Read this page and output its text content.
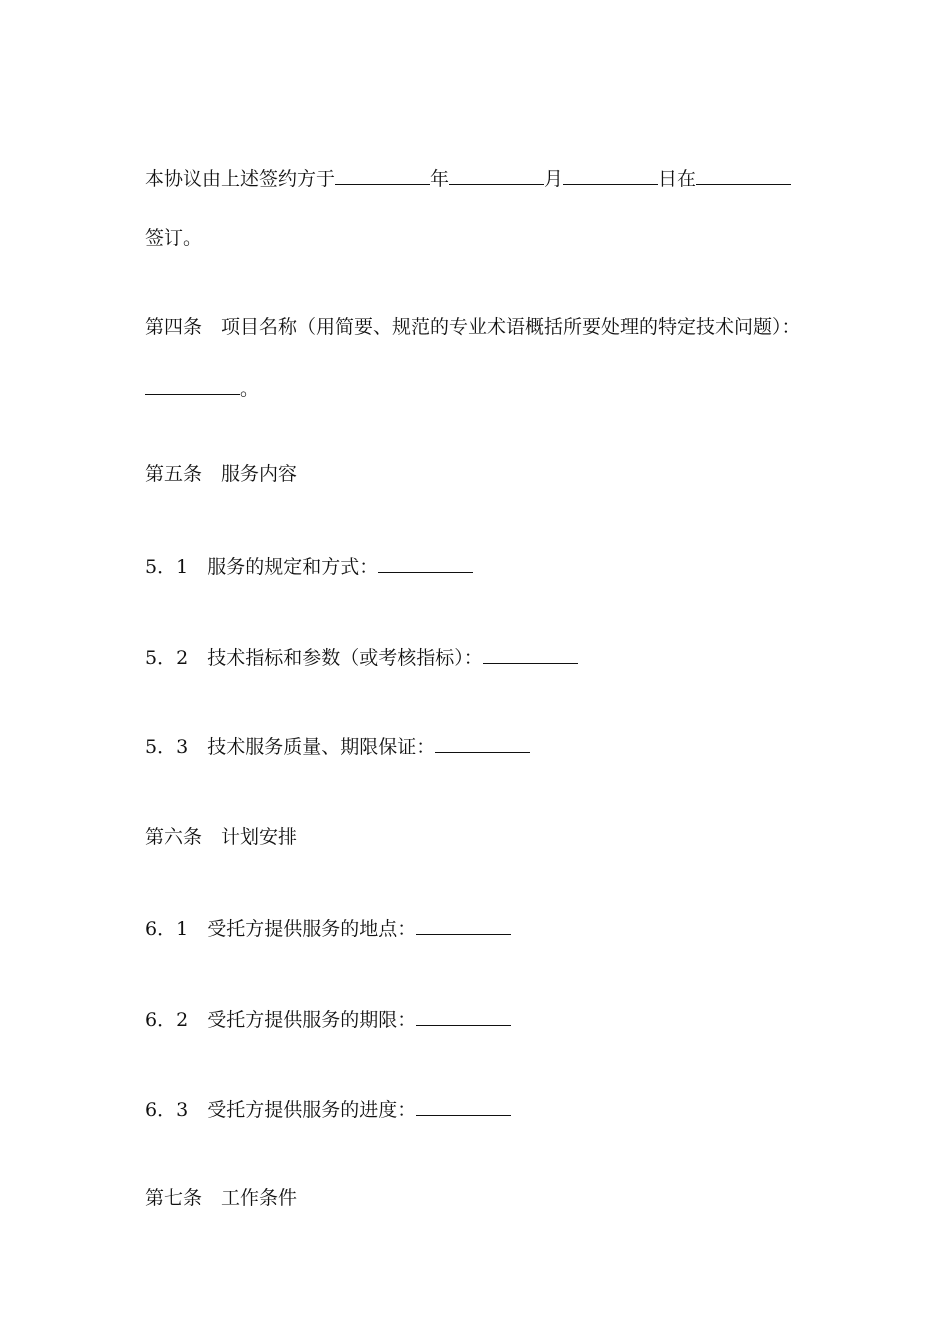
本协议由上述签约方于	年	月	日在
签订。
第四条 项目名称（用简要、规范的专业术语概括所要处理的特定技术问题）：
。
第五条 服务内容
5．1 服务的规定和方式：
5．2 技术指标和参数（或考核指标）：
5．3 技术服务质量、期限保证：
第六条 计划安排
6．1 受托方提供服务的地点：
6．2 受托方提供服务的期限：
6．3 受托方提供服务的进度：
第七条 工作条件
